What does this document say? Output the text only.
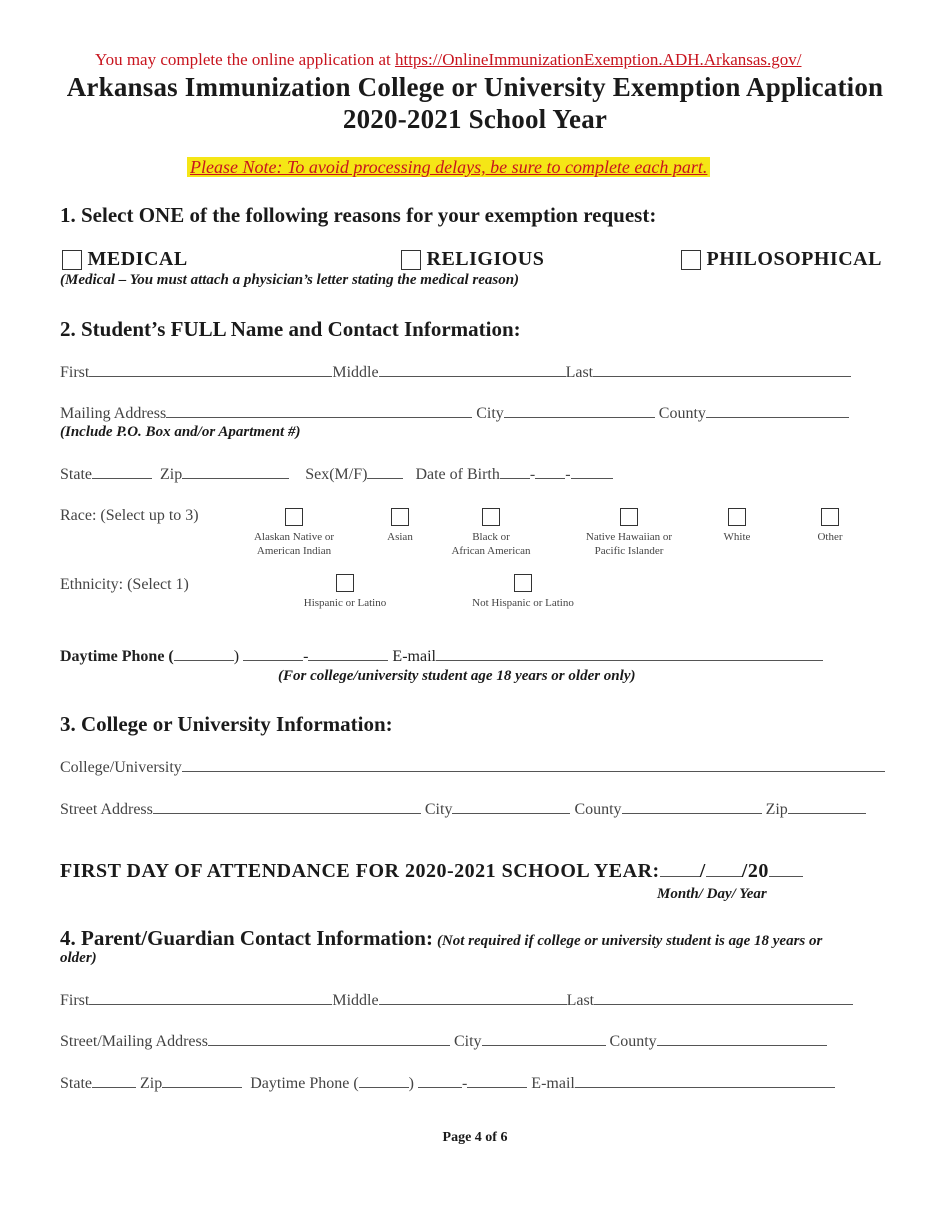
You may complete the online application at https://OnlineImmunizationExemption.ADH.Arkansas.gov/
Arkansas Immunization College or University Exemption Application
2020-2021 School Year
Please Note: To avoid processing delays, be sure to complete each part.
1. Select ONE of the following reasons for your exemption request:
MEDICAL	RELIGIOUS	PHILOSOPHICAL
(Medical – You must attach a physician’s letter stating the medical reason)
2. Student’s FULL Name and Contact Information:
First	Middle	Last
Mailing Address	City	County
(Include P.O. Box and/or Apartment #)
State	Zip	Sex(M/F)	Date of Birth - -
Race: (Select up to 3)

Alaskan Native or
American Indian

Asian	Black or
African American

Native Hawaiian or
Pacific Islander

White	Other
Ethnicity: (Select 1)

Hispanic or Latino	Not Hispanic or Latino
Daytime Phone (	)	-	E-mail
(For college/university student age 18 years or older only)
3. College or University Information:
College/University
Street Address	City	County	Zip
FIRST DAY OF ATTENDANCE FOR 2020-2021 SCHOOL YEAR: / /20
Month/ Day/ Year
4. Parent/Guardian Contact Information: (Not required if college or university student is age 18 years or
older)
First	Middle	Last
Street/Mailing Address	City	County
State	Zip	Daytime Phone (	)	-	E-mail
Page 4 of 6
